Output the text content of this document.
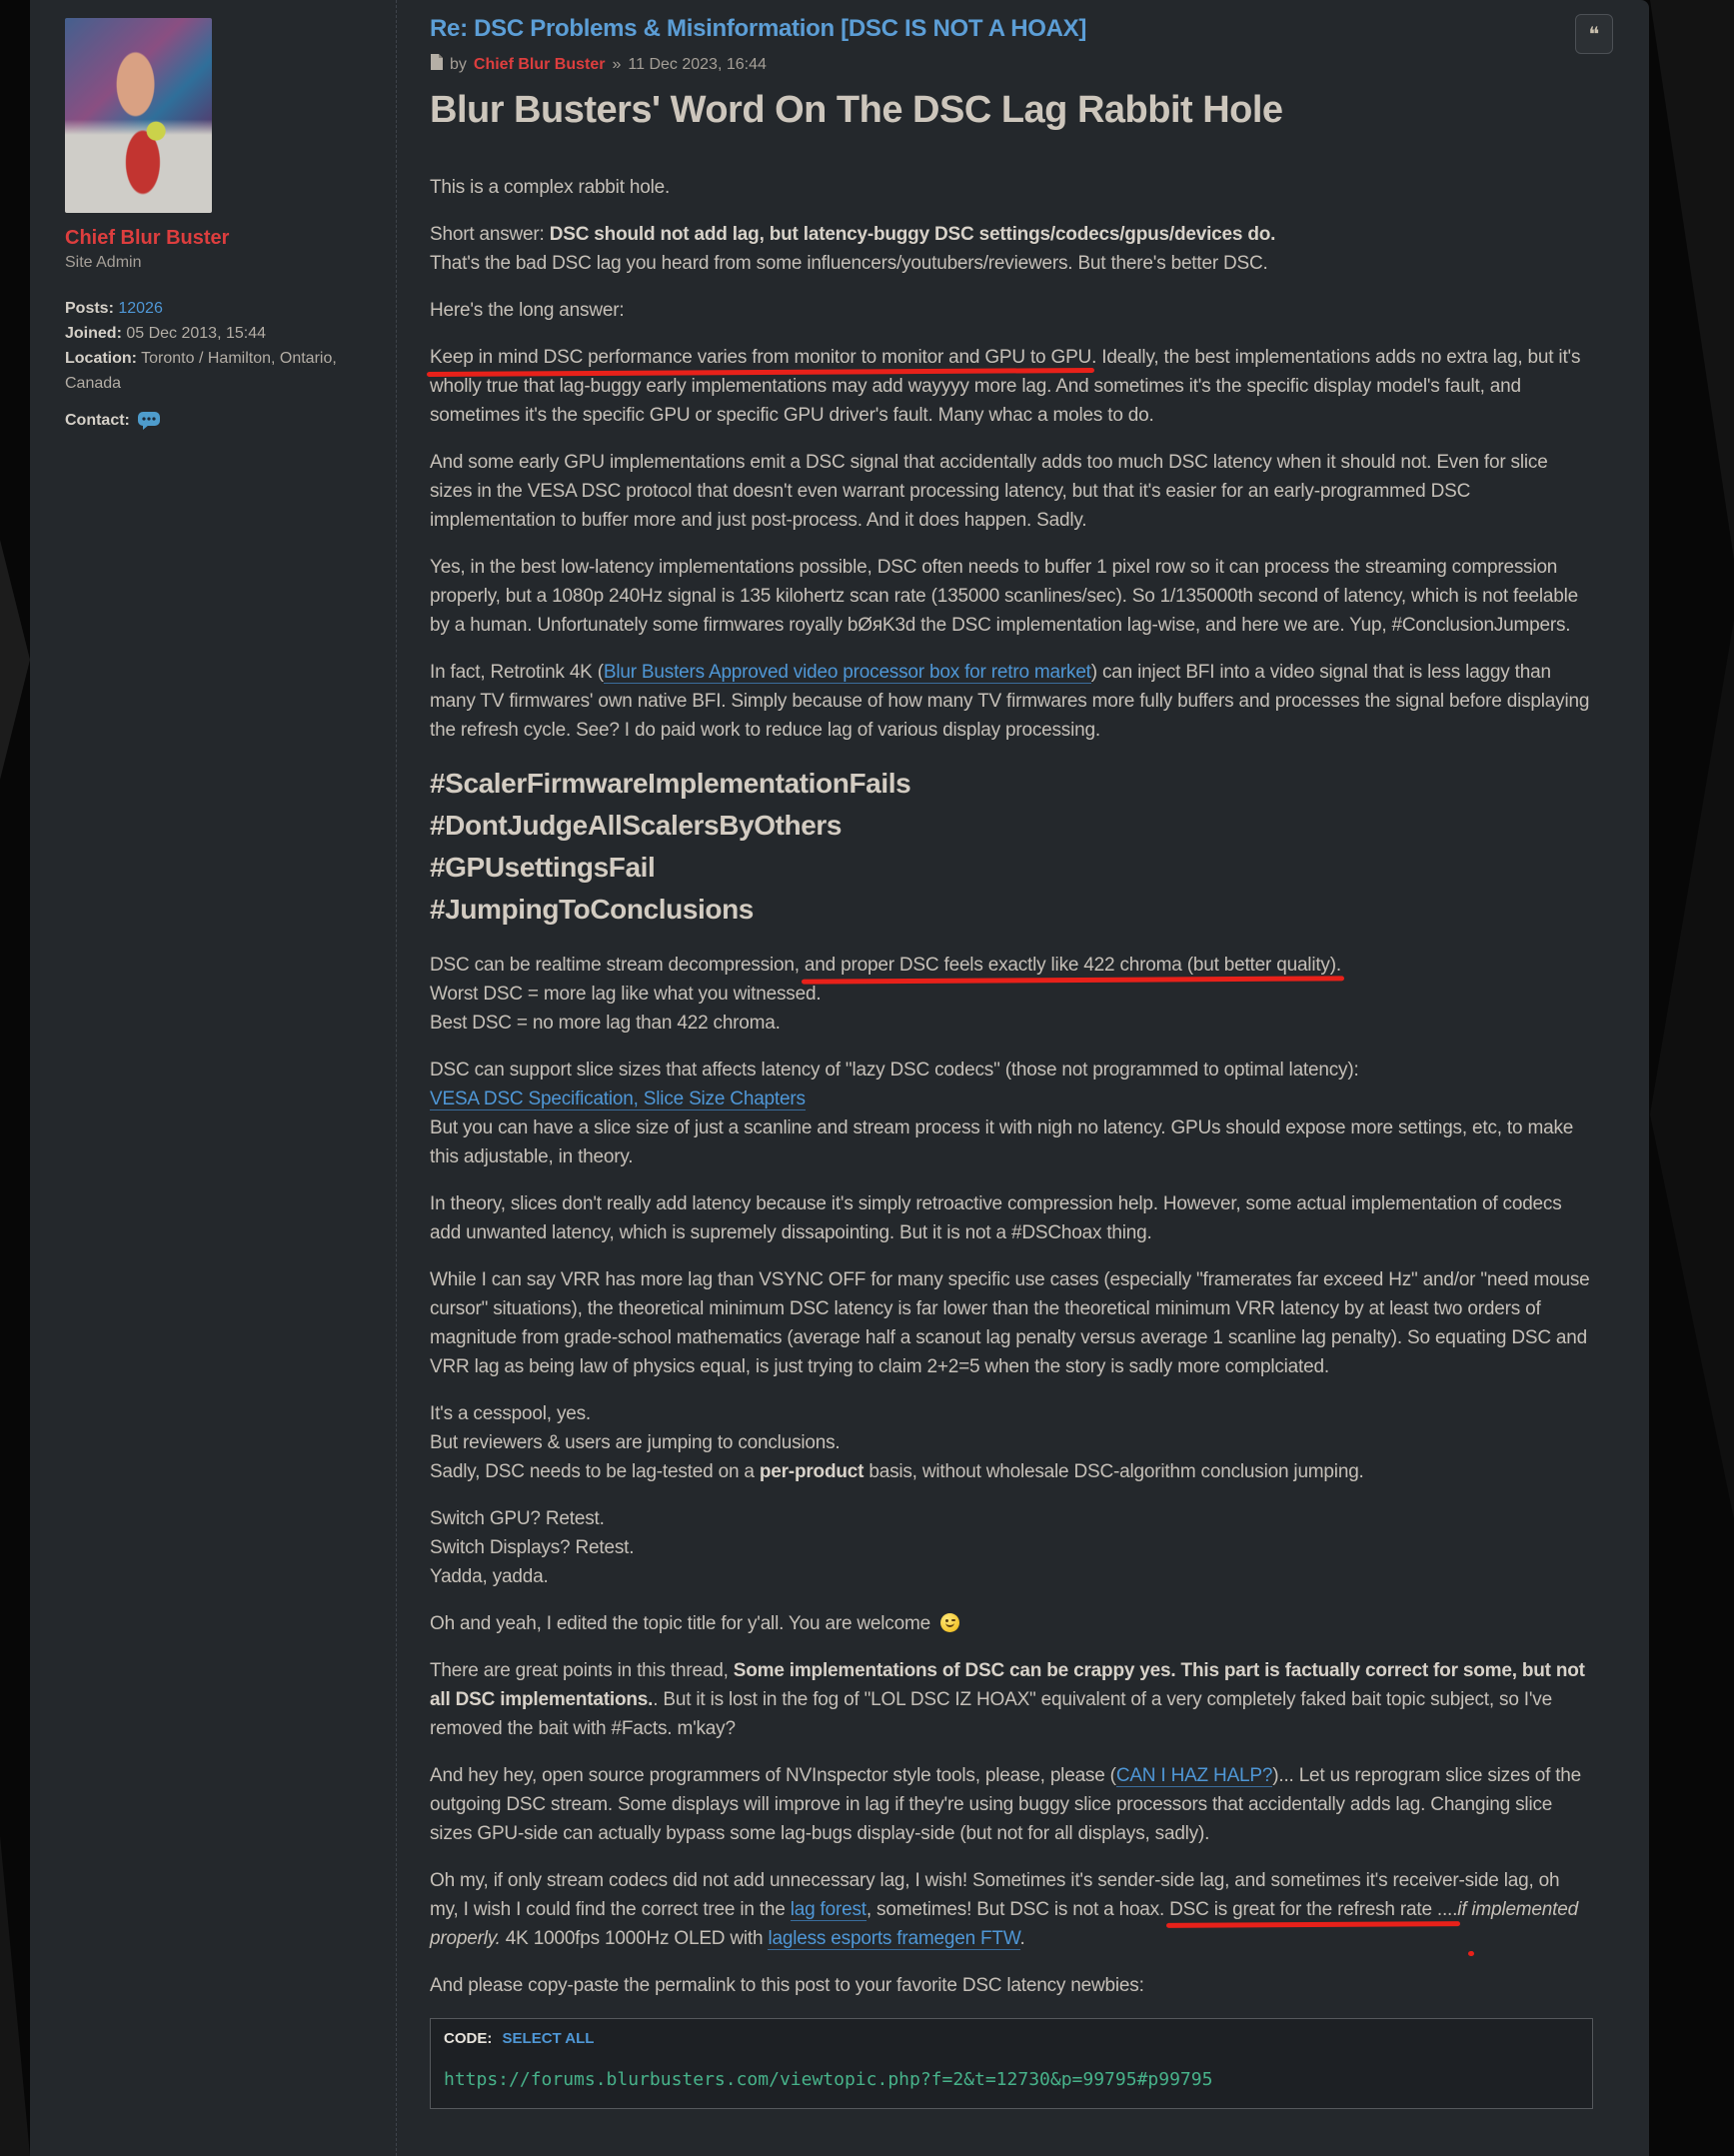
Chief Blur Buster
Site Admin
Posts: 12026
Joined: 05 Dec 2013, 15:44
Location: Toronto / Hamilton, Ontario, Canada
Contact:
Re: DSC Problems & Misinformation [DSC IS NOT A HOAX]	❝
by Chief Blur Buster » 11 Dec 2023, 16:44
Blur Busters' Word On The DSC Lag Rabbit Hole

This is a complex rabbit hole.

Short answer: DSC should not add lag, but latency-buggy DSC settings/codecs/gpus/devices do.
That's the bad DSC lag you heard from some influencers/youtubers/reviewers. But there's better DSC.

Here's the long answer:

Keep in mind DSC performance varies from monitor to monitor and GPU to GPU. Ideally, the best implementations adds no extra lag, but it's wholly true that lag-buggy early implementations may add wayyyy more lag. And sometimes it's the specific display model's fault, and sometimes it's the specific GPU or specific GPU driver's fault. Many whac a moles to do.

And some early GPU implementations emit a DSC signal that accidentally adds too much DSC latency when it should not. Even for slice sizes in the VESA DSC protocol that doesn't even warrant processing latency, but that it's easier for an early-programmed DSC implementation to buffer more and just post-process. And it does happen. Sadly.

Yes, in the best low-latency implementations possible, DSC often needs to buffer 1 pixel row so it can process the streaming compression properly, but a 1080p 240Hz signal is 135 kilohertz scan rate (135000 scanlines/sec). So 1/135000th second of latency, which is not feelable by a human. Unfortunately some firmwares royally bØяK3d the DSC implementation lag-wise, and here we are. Yup, #ConclusionJumpers.

In fact, Retrotink 4K (Blur Busters Approved video processor box for retro market) can inject BFI into a video signal that is less laggy than many TV firmwares' own native BFI. Simply because of how many TV firmwares more fully buffers and processes the signal before displaying the refresh cycle. See? I do paid work to reduce lag of various display processing.

#ScalerFirmwareImplementationFails
#DontJudgeAllScalersByOthers
#GPUsettingsFail
#JumpingToConclusions

DSC can be realtime stream decompression, and proper DSC feels exactly like 422 chroma (but better quality).
Worst DSC = more lag like what you witnessed.
Best DSC = no more lag than 422 chroma.

DSC can support slice sizes that affects latency of "lazy DSC codecs" (those not programmed to optimal latency):
VESA DSC Specification, Slice Size Chapters
But you can have a slice size of just a scanline and stream process it with nigh no latency. GPUs should expose more settings, etc, to make this adjustable, in theory.

In theory, slices don't really add latency because it's simply retroactive compression help. However, some actual implementation of codecs add unwanted latency, which is supremely dissapointing. But it is not a #DSChoax thing.

While I can say VRR has more lag than VSYNC OFF for many specific use cases (especially "framerates far exceed Hz" and/or "need mouse cursor" situations), the theoretical minimum DSC latency is far lower than the theoretical minimum VRR latency by at least two orders of magnitude from grade-school mathematics (average half a scanout lag penalty versus average 1 scanline lag penalty). So equating DSC and VRR lag as being law of physics equal, is just trying to claim 2+2=5 when the story is sadly more complciated.

It's a cesspool, yes.
But reviewers & users are jumping to conclusions.
Sadly, DSC needs to be lag-tested on a per-product basis, without wholesale DSC-algorithm conclusion jumping.

Switch GPU? Retest.
Switch Displays? Retest.
Yadda, yadda.

Oh and yeah, I edited the topic title for y'all. You are welcome

There are great points in this thread, Some implementations of DSC can be crappy yes. This part is factually correct for some, but not all DSC implementations.. But it is lost in the fog of "LOL DSC IZ HOAX" equivalent of a very completely faked bait topic subject, so I've removed the bait with #Facts. m'kay?

And hey hey, open source programmers of NVInspector style tools, please, please (CAN I HAZ HALP?)... Let us reprogram slice sizes of the outgoing DSC stream. Some displays will improve in lag if they're using buggy slice processors that accidentally adds lag. Changing slice sizes GPU-side can actually bypass some lag-bugs display-side (but not for all displays, sadly).

Oh my, if only stream codecs did not add unnecessary lag, I wish! Sometimes it's sender-side lag, and sometimes it's receiver-side lag, oh my, I wish I could find the correct tree in the lag forest, sometimes! But DSC is not a hoax. DSC is great for the refresh rate ....if implemented properly. 4K 1000fps 1000Hz OLED with lagless esports framegen FTW.

And please copy-paste the permalink to this post to your favorite DSC latency newbies:

CODE: SELECT ALL
https://forums.blurbusters.com/viewtopic.php?f=2&t=12730&p=99795#p99795
